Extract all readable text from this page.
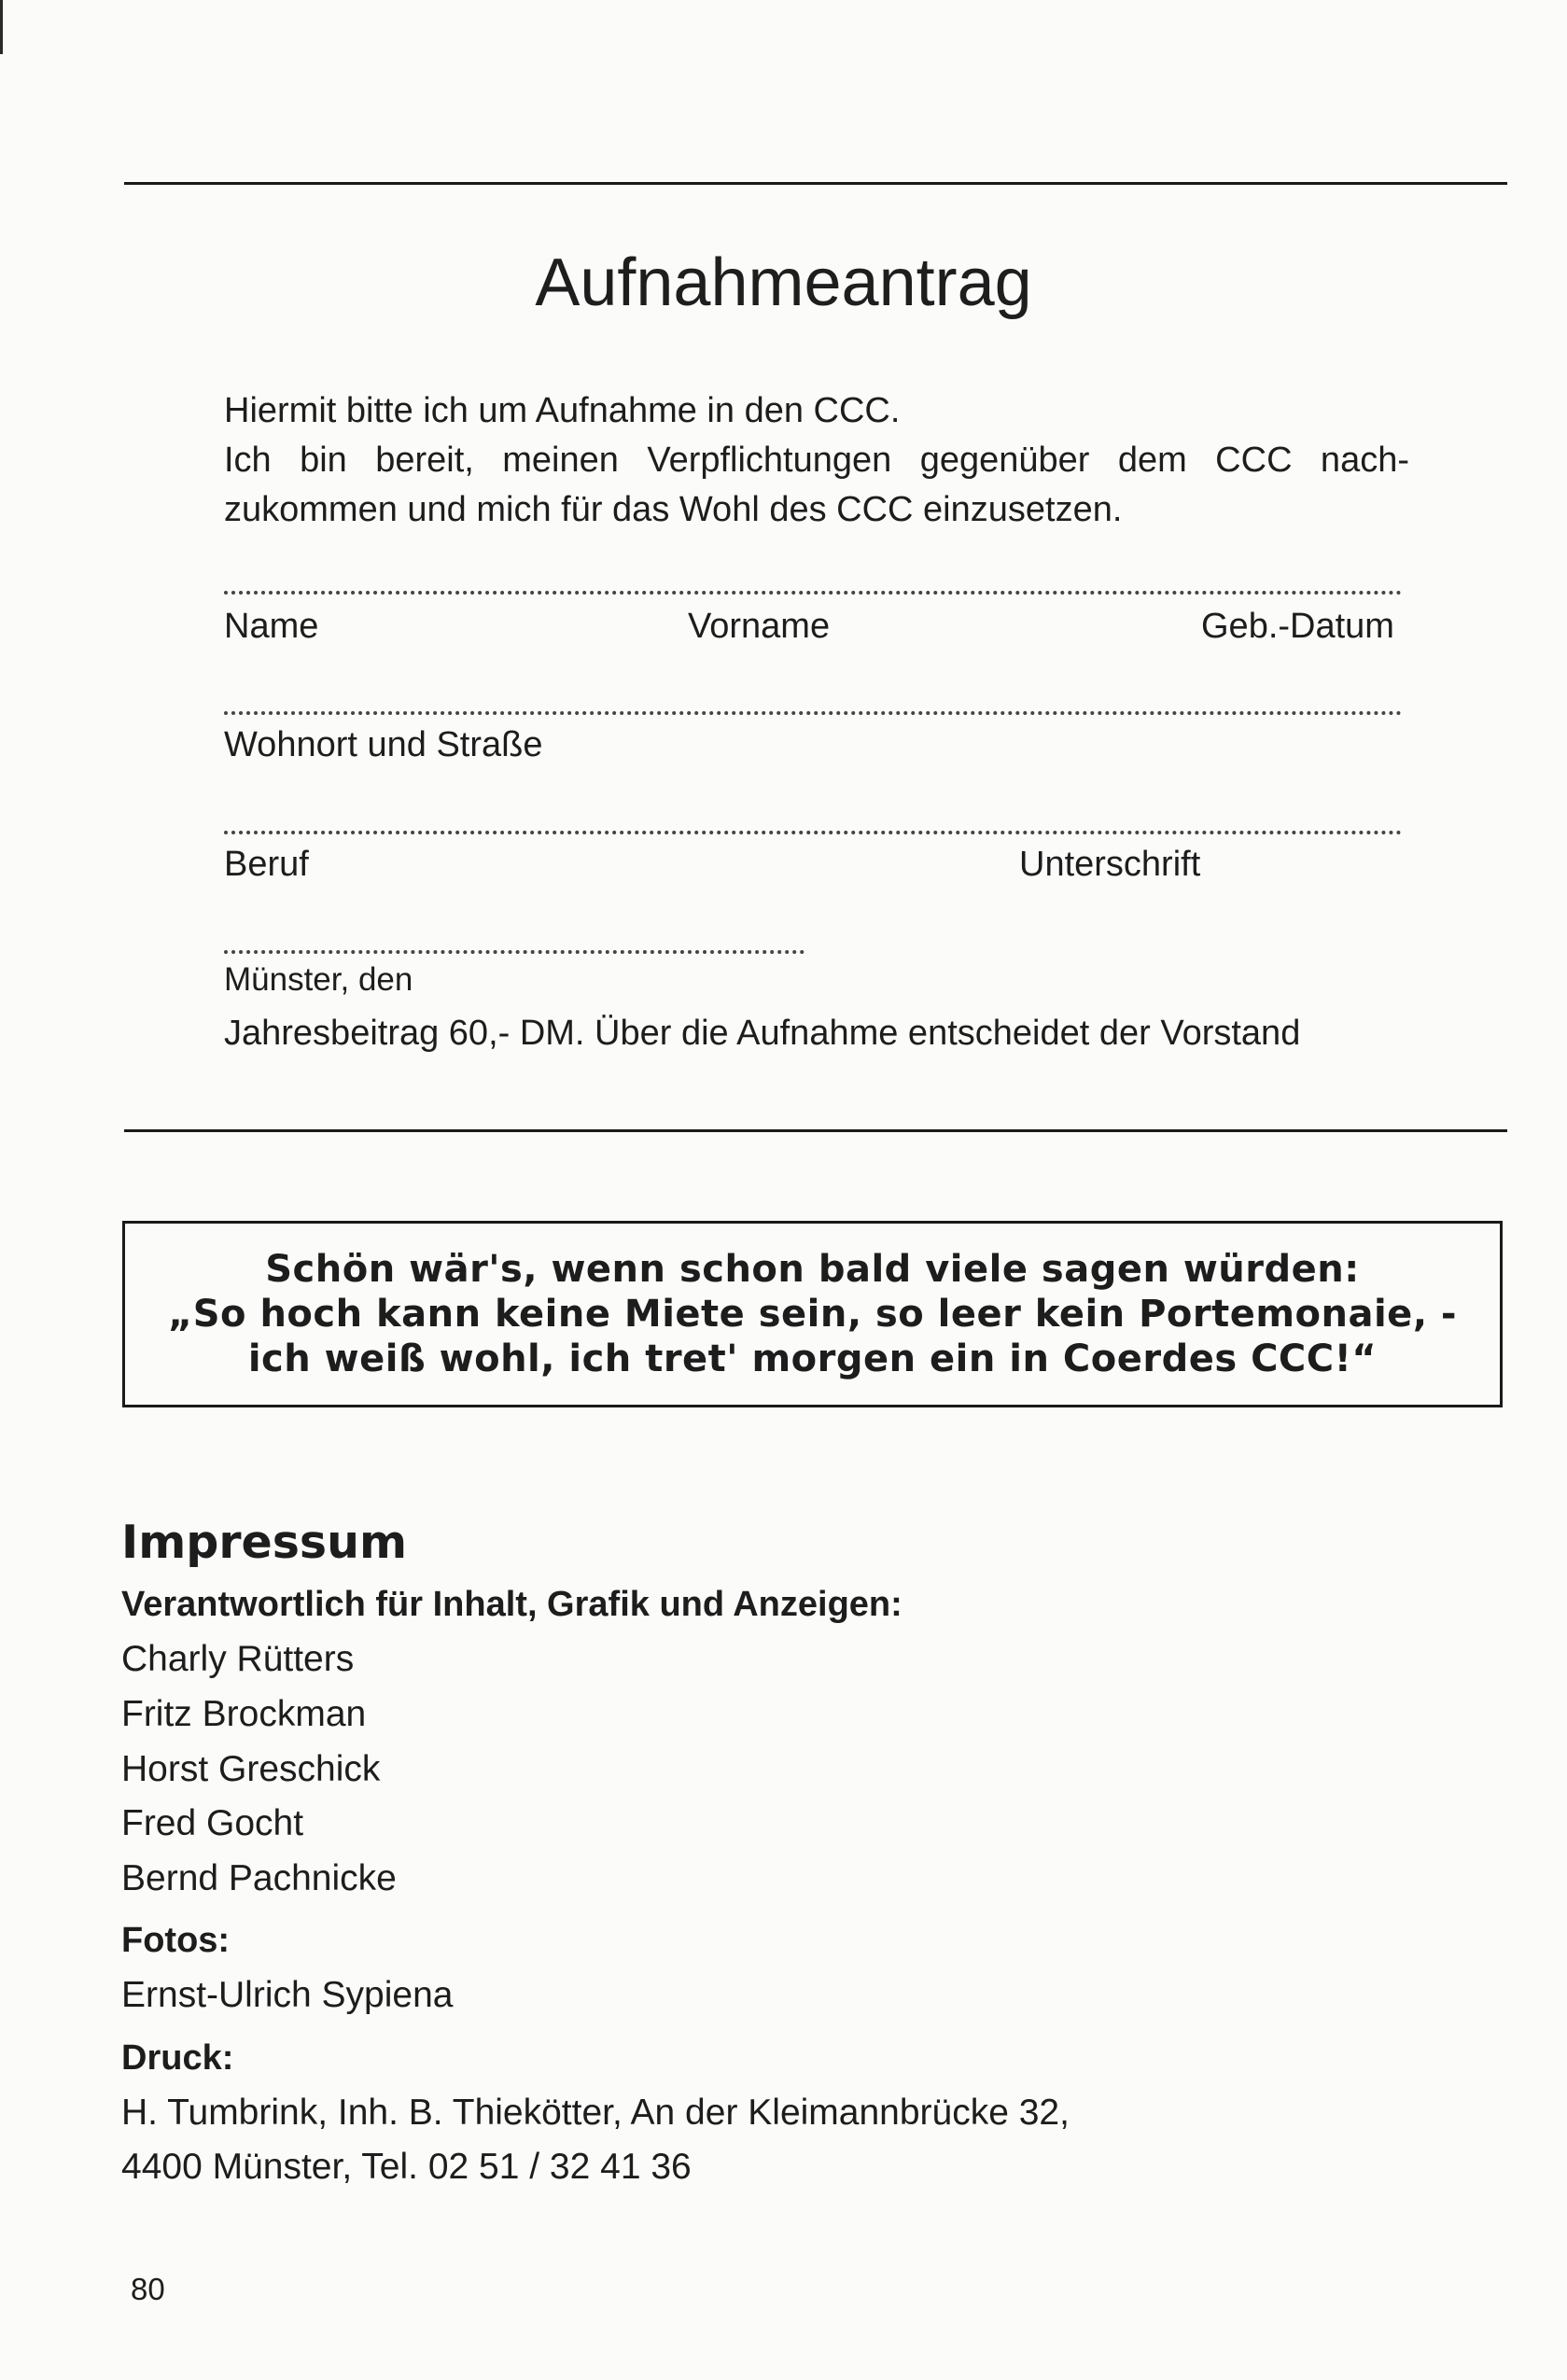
Aufnahmeantrag

Hiermit bitte ich um Aufnahme in den CCC.
Ich bin bereit, meinen Verpflichtungen gegenüber dem CCC nach-
zukommen und mich für das Wohl des CCC einzusetzen.

Name	Vorname	Geb.-Datum
Wohnort und Straße
Beruf	Unterschrift
Münster, den
Jahresbeitrag 60,- DM. Über die Aufnahme entscheidet der Vorstand
Schön wär's, wenn schon bald viele sagen würden:
„So hoch kann keine Miete sein, so leer kein Portemonaie, -
ich weiß wohl, ich tret' morgen ein in Coerdes CCC!“
Impressum
Verantwortlich für Inhalt, Grafik und Anzeigen:
Charly Rütters
Fritz Brockman
Horst Greschick
Fred Gocht
Bernd Pachnicke
Fotos:
Ernst-Ulrich Sypiena
Druck:
H. Tumbrink, Inh. B. Thiekötter, An der Kleimannbrücke 32,
4400 Münster, Tel. 02 51 / 32 41 36
80
